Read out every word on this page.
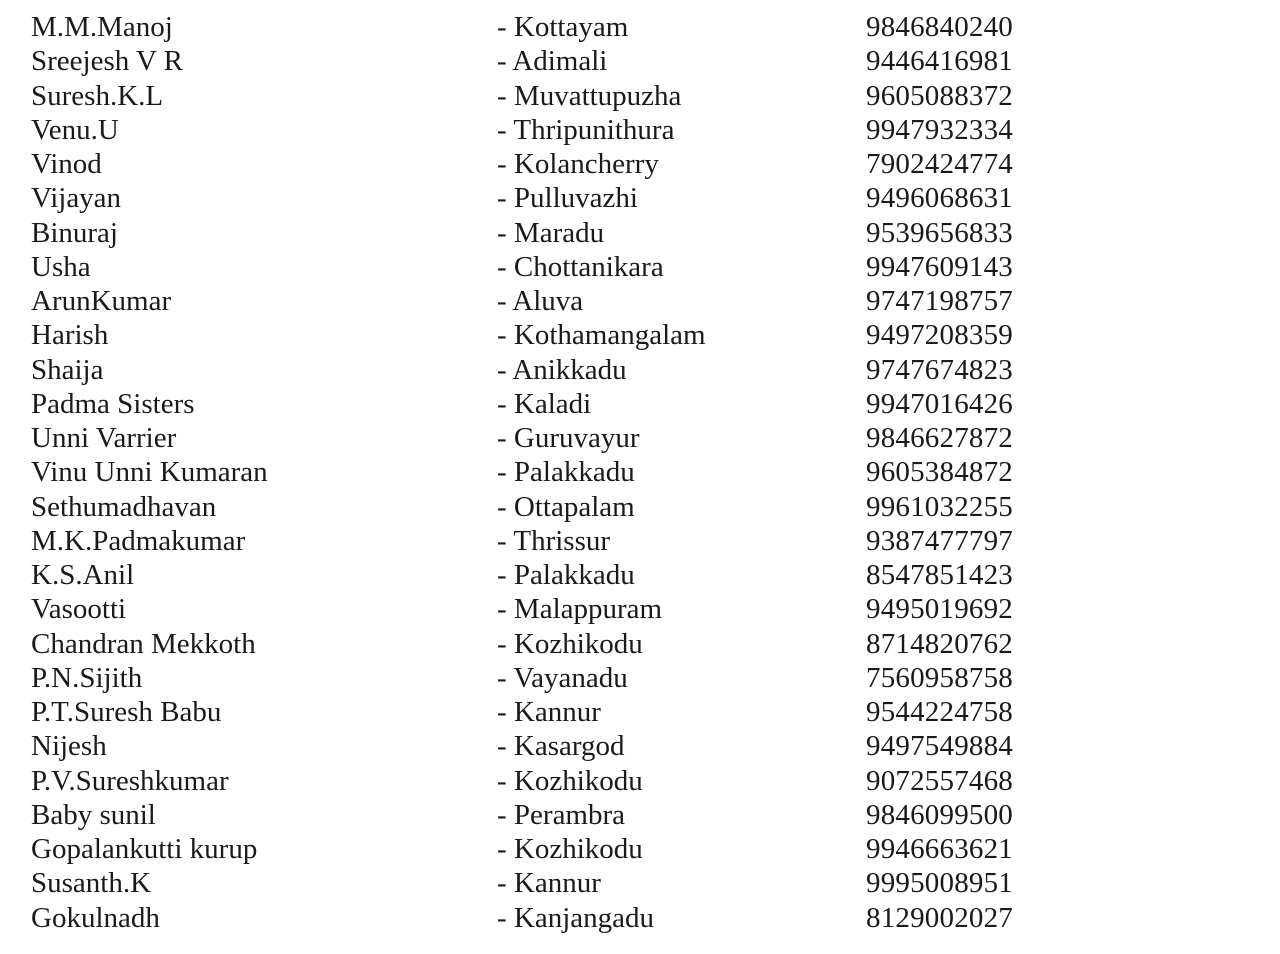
M.M.Manoj	- Kottayam	9846840240
Sreejesh V R	- Adimali	9446416981
Suresh.K.L	- Muvattupuzha	9605088372
Venu.U	- Thripunithura	9947932334
Vinod	- Kolancherry	7902424774
Vijayan	- Pulluvazhi	9496068631
Binuraj	- Maradu	9539656833
Usha	- Chottanikara	9947609143
ArunKumar	- Aluva	9747198757
Harish	- Kothamangalam	9497208359
Shaija	- Anikkadu	9747674823
Padma Sisters	- Kaladi	9947016426
Unni Varrier	- Guruvayur	9846627872
Vinu Unni Kumaran	- Palakkadu	9605384872
Sethumadhavan	- Ottapalam	9961032255
M.K.Padmakumar	- Thrissur	9387477797
K.S.Anil	- Palakkadu	8547851423
Vasootti	- Malappuram	9495019692
Chandran Mekkoth	- Kozhikodu	8714820762
P.N.Sijith	- Vayanadu	7560958758
P.T.Suresh Babu	- Kannur	9544224758
Nijesh	- Kasargod	9497549884
P.V.Sureshkumar	- Kozhikodu	9072557468
Baby sunil	- Perambra	9846099500
Gopalankutti kurup	- Kozhikodu	9946663621
Susanth.K	- Kannur	9995008951
Gokulnadh	- Kanjangadu	8129002027
